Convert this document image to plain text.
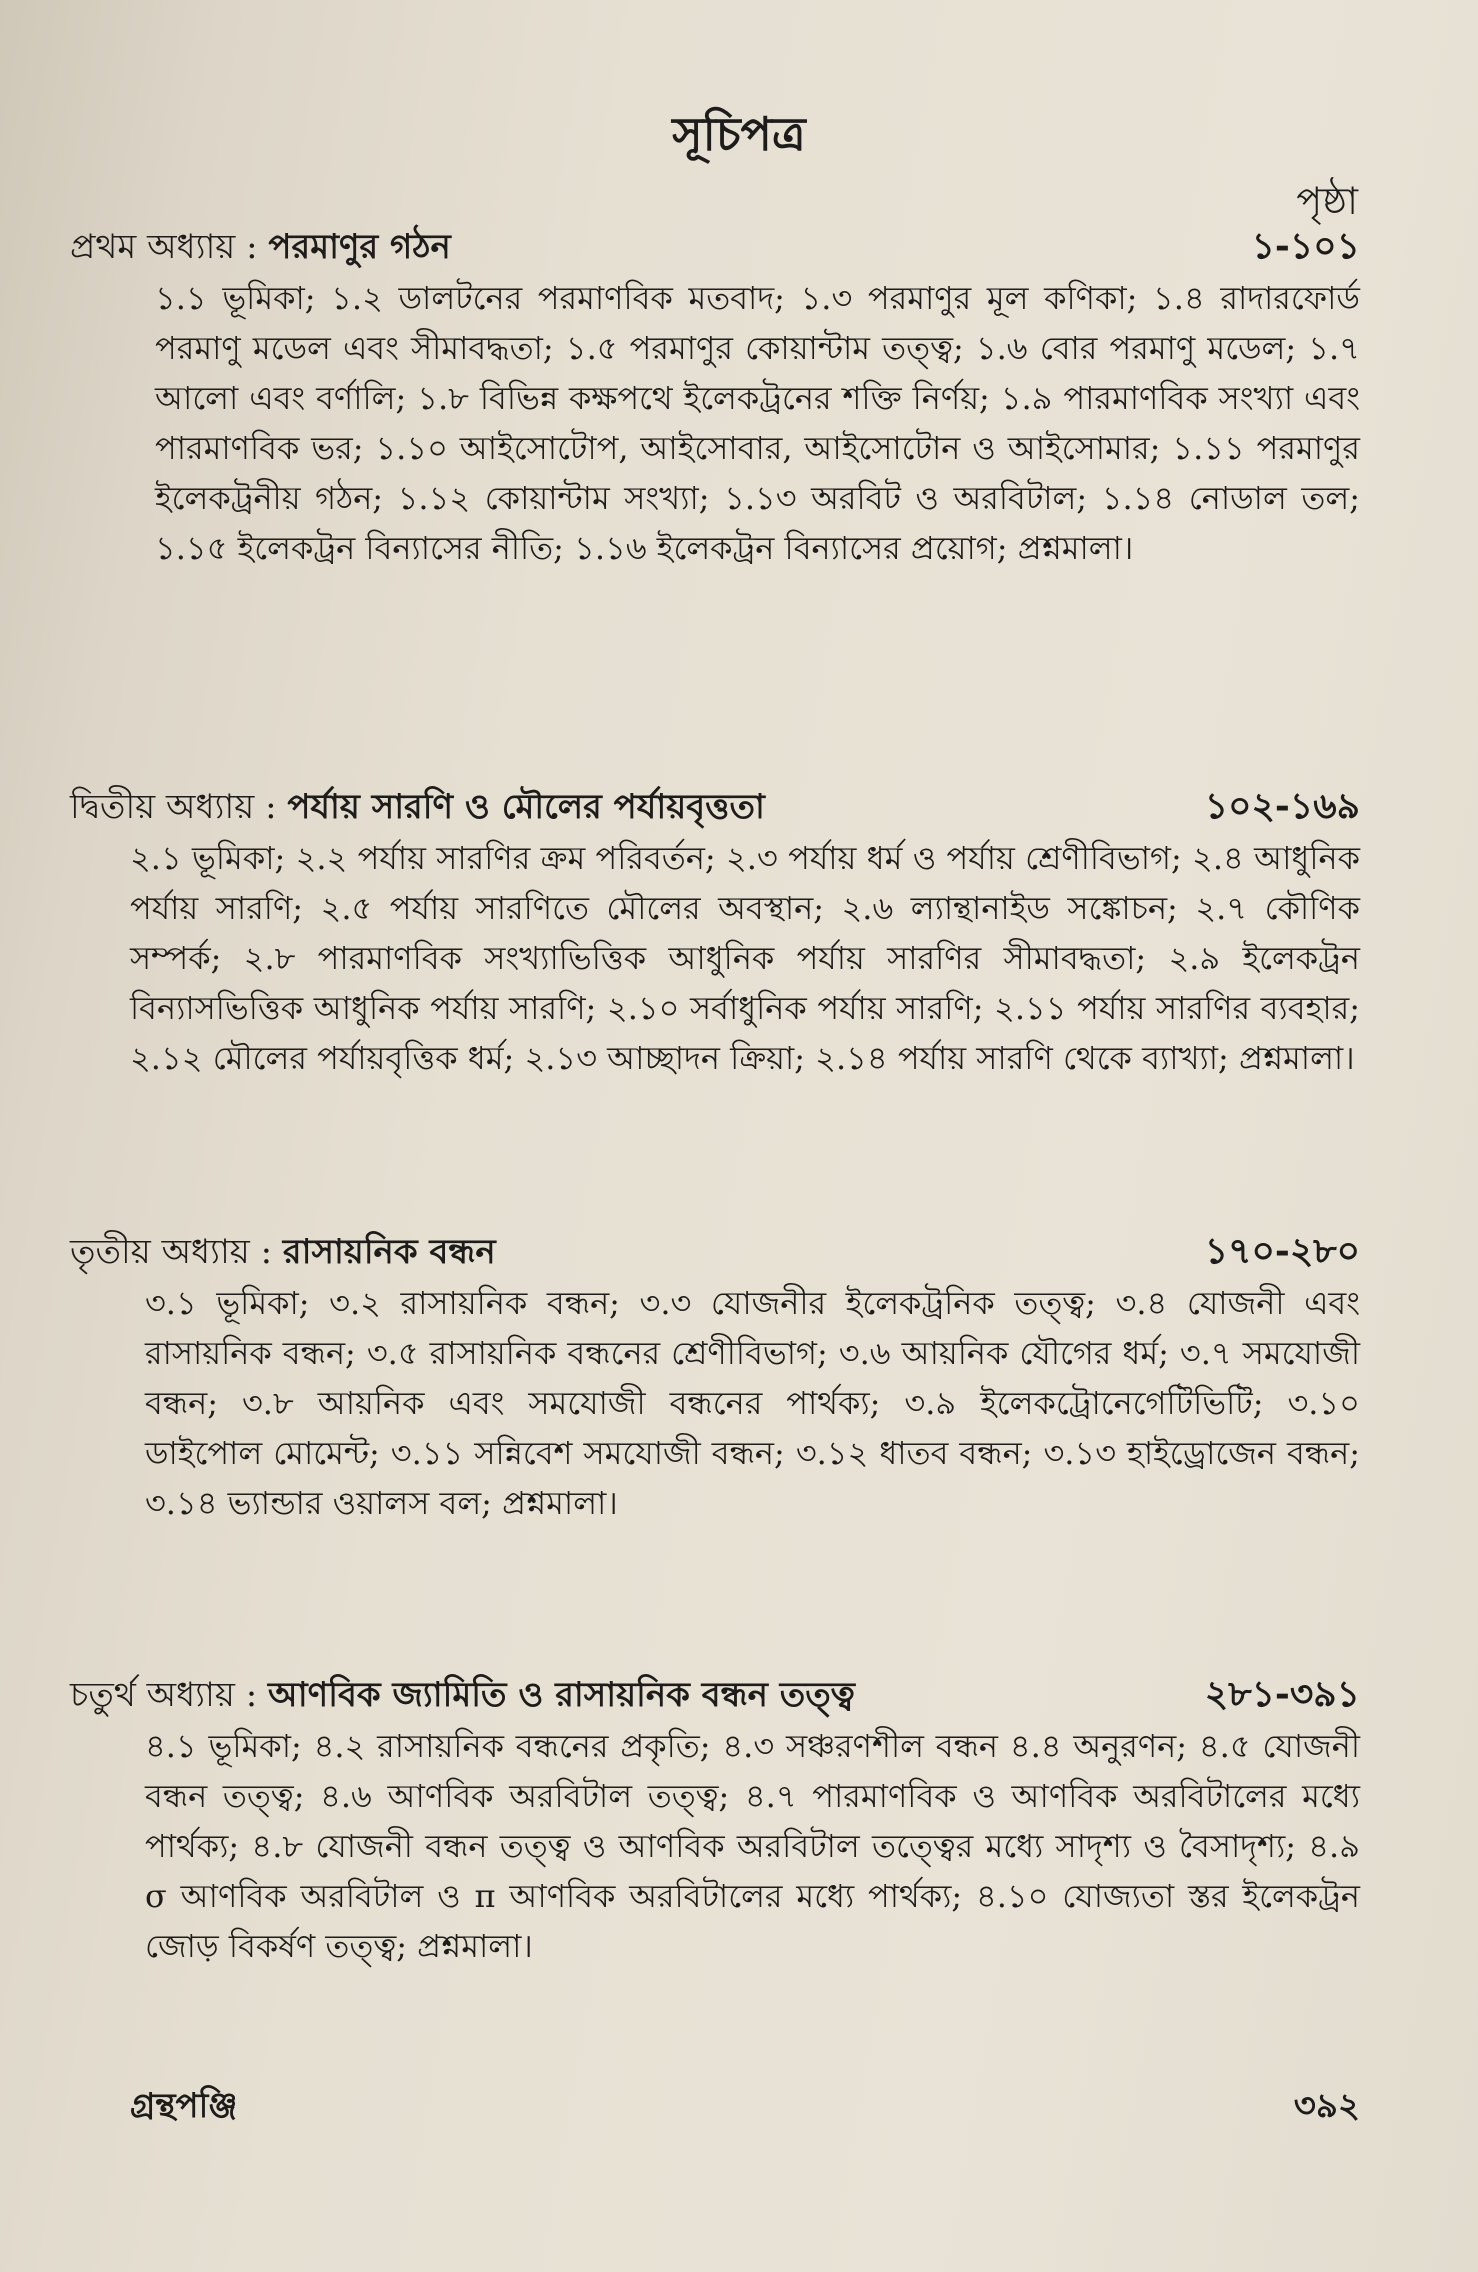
সূচিপত্র
পৃষ্ঠা
প্রথম অধ্যায় : পরমাণুর গঠন	১-১০১
১.১ ভূমিকা; ১.২ ডালটনের পরমাণবিক মতবাদ; ১.৩ পরমাণুর মূল কণিকা; ১.৪ রাদারফোর্ড পরমাণু মডেল এবং সীমাবদ্ধতা; ১.৫ পরমাণুর কোয়ান্টাম তত্ত্ব; ১.৬ বোর পরমাণু মডেল; ১.৭ আলো এবং বর্ণালি; ১.৮ বিভিন্ন কক্ষপথে ইলেকট্রনের শক্তি নির্ণয়; ১.৯ পারমাণবিক সংখ্যা এবং পারমাণবিক ভর; ১.১০ আইসোটোপ, আইসোবার, আইসোটোন ও আইসোমার; ১.১১ পরমাণুর ইলেকট্রনীয় গঠন; ১.১২ কোয়ান্টাম সংখ্যা; ১.১৩ অরবিট ও অরবিটাল; ১.১৪ নোডাল তল; ১.১৫ ইলেকট্রন বিন্যাসের নীতি; ১.১৬ ইলেকট্রন বিন্যাসের প্রয়োগ; প্রশ্নমালা।
দ্বিতীয় অধ্যায় : পর্যায় সারণি ও মৌলের পর্যায়বৃত্ততা	১০২-১৬৯
২.১ ভূমিকা; ২.২ পর্যায় সারণির ক্রম পরিবর্তন; ২.৩ পর্যায় ধর্ম ও পর্যায় শ্রেণীবিভাগ; ২.৪ আধুনিক পর্যায় সারণি; ২.৫ পর্যায় সারণিতে মৌলের অবস্থান; ২.৬ ল্যান্থানাইড সঙ্কোচন; ২.৭ কৌণিক সম্পর্ক; ২.৮ পারমাণবিক সংখ্যাভিত্তিক আধুনিক পর্যায় সারণির সীমাবদ্ধতা; ২.৯ ইলেকট্রন বিন্যাসভিত্তিক আধুনিক পর্যায় সারণি; ২.১০ সর্বাধুনিক পর্যায় সারণি; ২.১১ পর্যায় সারণির ব্যবহার; ২.১২ মৌলের পর্যায়বৃত্তিক ধর্ম; ২.১৩ আচ্ছাদন ক্রিয়া; ২.১৪ পর্যায় সারণি থেকে ব্যাখ্যা; প্রশ্নমালা।
তৃতীয় অধ্যায় : রাসায়নিক বন্ধন	১৭০-২৮০
৩.১ ভূমিকা; ৩.২ রাসায়নিক বন্ধন; ৩.৩ যোজনীর ইলেকট্রনিক তত্ত্ব; ৩.৪ যোজনী এবং রাসায়নিক বন্ধন; ৩.৫ রাসায়নিক বন্ধনের শ্রেণীবিভাগ; ৩.৬ আয়নিক যৌগের ধর্ম; ৩.৭ সমযোজী বন্ধন; ৩.৮ আয়নিক এবং সমযোজী বন্ধনের পার্থক্য; ৩.৯ ইলেকট্রোনেগেটিভিটি; ৩.১০ ডাইপোল মোমেন্ট; ৩.১১ সন্নিবেশ সমযোজী বন্ধন; ৩.১২ ধাতব বন্ধন; ৩.১৩ হাইড্রোজেন বন্ধন; ৩.১৪ ভ্যান্ডার ওয়ালস বল; প্রশ্নমালা।
চতুর্থ অধ্যায় : আণবিক জ্যামিতি ও রাসায়নিক বন্ধন তত্ত্ব	২৮১-৩৯১
৪.১ ভূমিকা; ৪.২ রাসায়নিক বন্ধনের প্রকৃতি; ৪.৩ সঞ্চরণশীল বন্ধন ৪.৪ অনুরণন; ৪.৫ যোজনী বন্ধন তত্ত্ব; ৪.৬ আণবিক অরবিটাল তত্ত্ব; ৪.৭ পারমাণবিক ও আণবিক অরবিটালের মধ্যে পার্থক্য; ৪.৮ যোজনী বন্ধন তত্ত্ব ও আণবিক অরবিটাল তত্ত্বের মধ্যে সাদৃশ্য ও বৈসাদৃশ্য; ৪.৯ σ আণবিক অরবিটাল ও π আণবিক অরবিটালের মধ্যে পার্থক্য; ৪.১০ যোজ্যতা স্তর ইলেকট্রন জোড় বিকর্ষণ তত্ত্ব; প্রশ্নমালা।
গ্রন্থপঞ্জি	৩৯২
